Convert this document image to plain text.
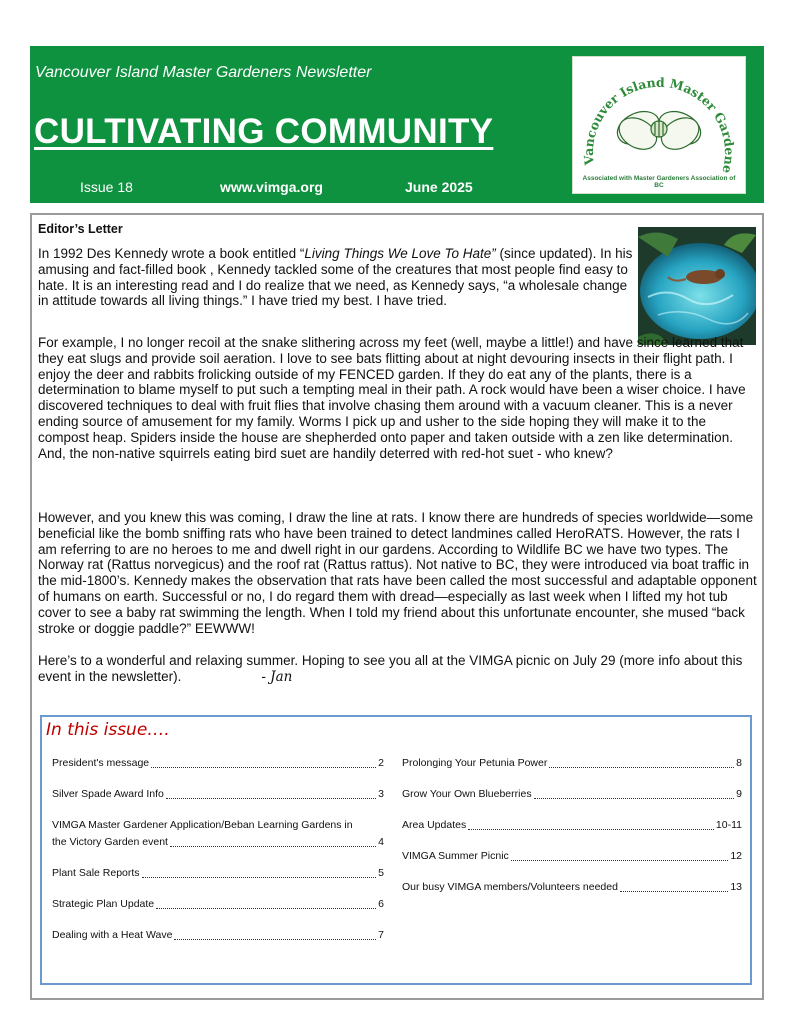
Vancouver Island Master Gardeners Newsletter
CULTIVATING COMMUNITY
Issue 18	www.vimga.org	June 2025
Vancouver Island Master Gardene
Associated with Master Gardeners Association of BC
Editor’s Letter

In 1992 Des Kennedy wrote a book entitled “Living Things We Love To Hate” (since updated). In his amusing and fact-filled book , Kennedy tackled some of the creatures that most people find easy to hate. It is an interesting read and I do realize that we need, as Kennedy says, “a wholesale change in attitude towards all living things.” I have tried my best. I have tried.

For example, I no longer recoil at the snake slithering across my feet (well, maybe a little!) and have since learned that they eat slugs and provide soil aeration. I love to see bats flitting about at night devouring insects in their flight path. I enjoy the deer and rabbits frolicking outside of my FENCED garden. If they do eat any of the plants, there is a determination to blame myself to put such a tempting meal in their path. A rock would have been a wiser choice. I have discovered techniques to deal with fruit flies that involve chasing them around with a vacuum cleaner. This is a never ending source of amusement for my family. Worms I pick up and usher to the side hoping they will make it to the compost heap. Spiders inside the house are shepherded onto paper and taken outside with a zen like determination. And, the non-native squirrels eating bird suet are handily deterred with red-hot suet - who knew?

However, and you knew this was coming, I draw the line at rats. I know there are hundreds of species worldwide—some beneficial like the bomb sniffing rats who have been trained to detect landmines called HeroRATS. However, the rats I am referring to are no heroes to me and dwell right in our gardens. According to Wildlife BC we have two types. The Norway rat (Rattus norvegicus) and the roof rat (Rattus rattus). Not native to BC, they were introduced via boat traffic in the mid-1800’s. Kennedy makes the observation that rats have been called the most successful and adaptable opponent of humans on earth. Successful or no, I do regard them with dread—especially as last week when I lifted my hot tub cover to see a baby rat swimming the length. When I told my friend about this unfortunate encounter, she mused “back stroke or doggie paddle?” EEWWW!

Here’s to a wonderful and relaxing summer. Hoping to see you all at the VIMGA picnic on July 29 (more info about this event in the newsletter).	- Jan

In this issue….
President's message	2
Silver Spade Award Info	3
VIMGA Master Gardener Application/Beban Learning Gardens in
the Victory Garden event	4
Plant Sale Reports	5
Strategic Plan Update	6
Dealing with a Heat Wave	7
Prolonging Your Petunia Power	8
Grow Your Own Blueberries	9
Area Updates	10-11
VIMGA Summer Picnic	12
Our busy VIMGA members/Volunteers needed	13
